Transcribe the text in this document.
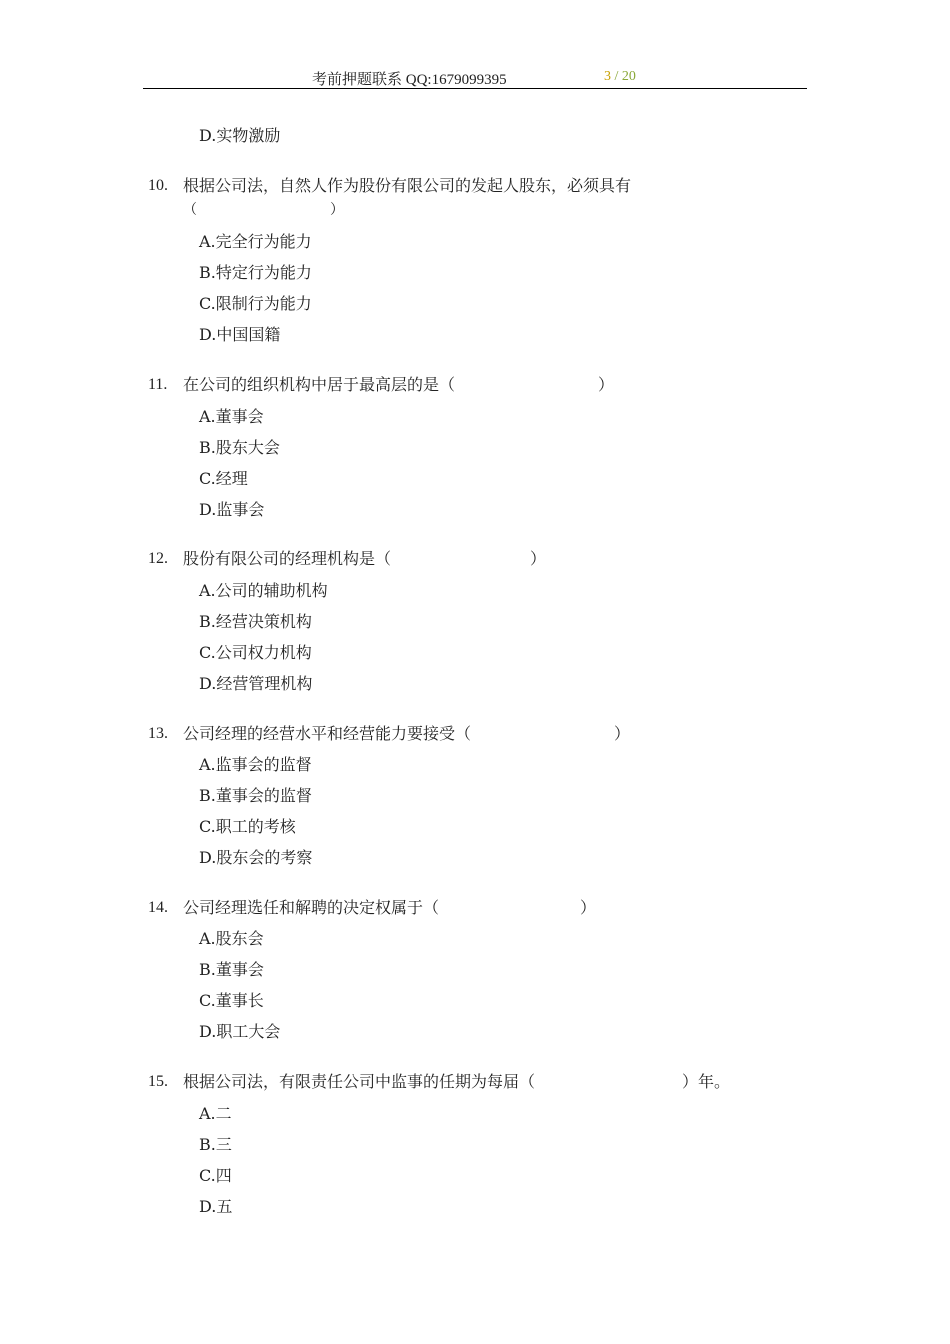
考前押题联系 QQ:1679099395	3 / 20
D.实物激励
10. 根据公司法，自然人作为股份有限公司的发起人股东，必须具有
（	）
A.完全行为能力
B.特定行为能力
C.限制行为能力
D.中国国籍
11. 在公司的组织机构中居于最高层的是（	）
A.董事会
B.股东大会
C.经理
D.监事会
12. 股份有限公司的经理机构是（	）
A.公司的辅助机构
B.经营决策机构
C.公司权力机构
D.经营管理机构
13. 公司经理的经营水平和经营能力要接受（	）
A.监事会的监督
B.董事会的监督
C.职工的考核
D.股东会的考察
14. 公司经理选任和解聘的决定权属于（	）
A.股东会
B.董事会
C.董事长
D.职工大会
15. 根据公司法，有限责任公司中监事的任期为每届（	）年。
A.二
B.三
C.四
D.五
